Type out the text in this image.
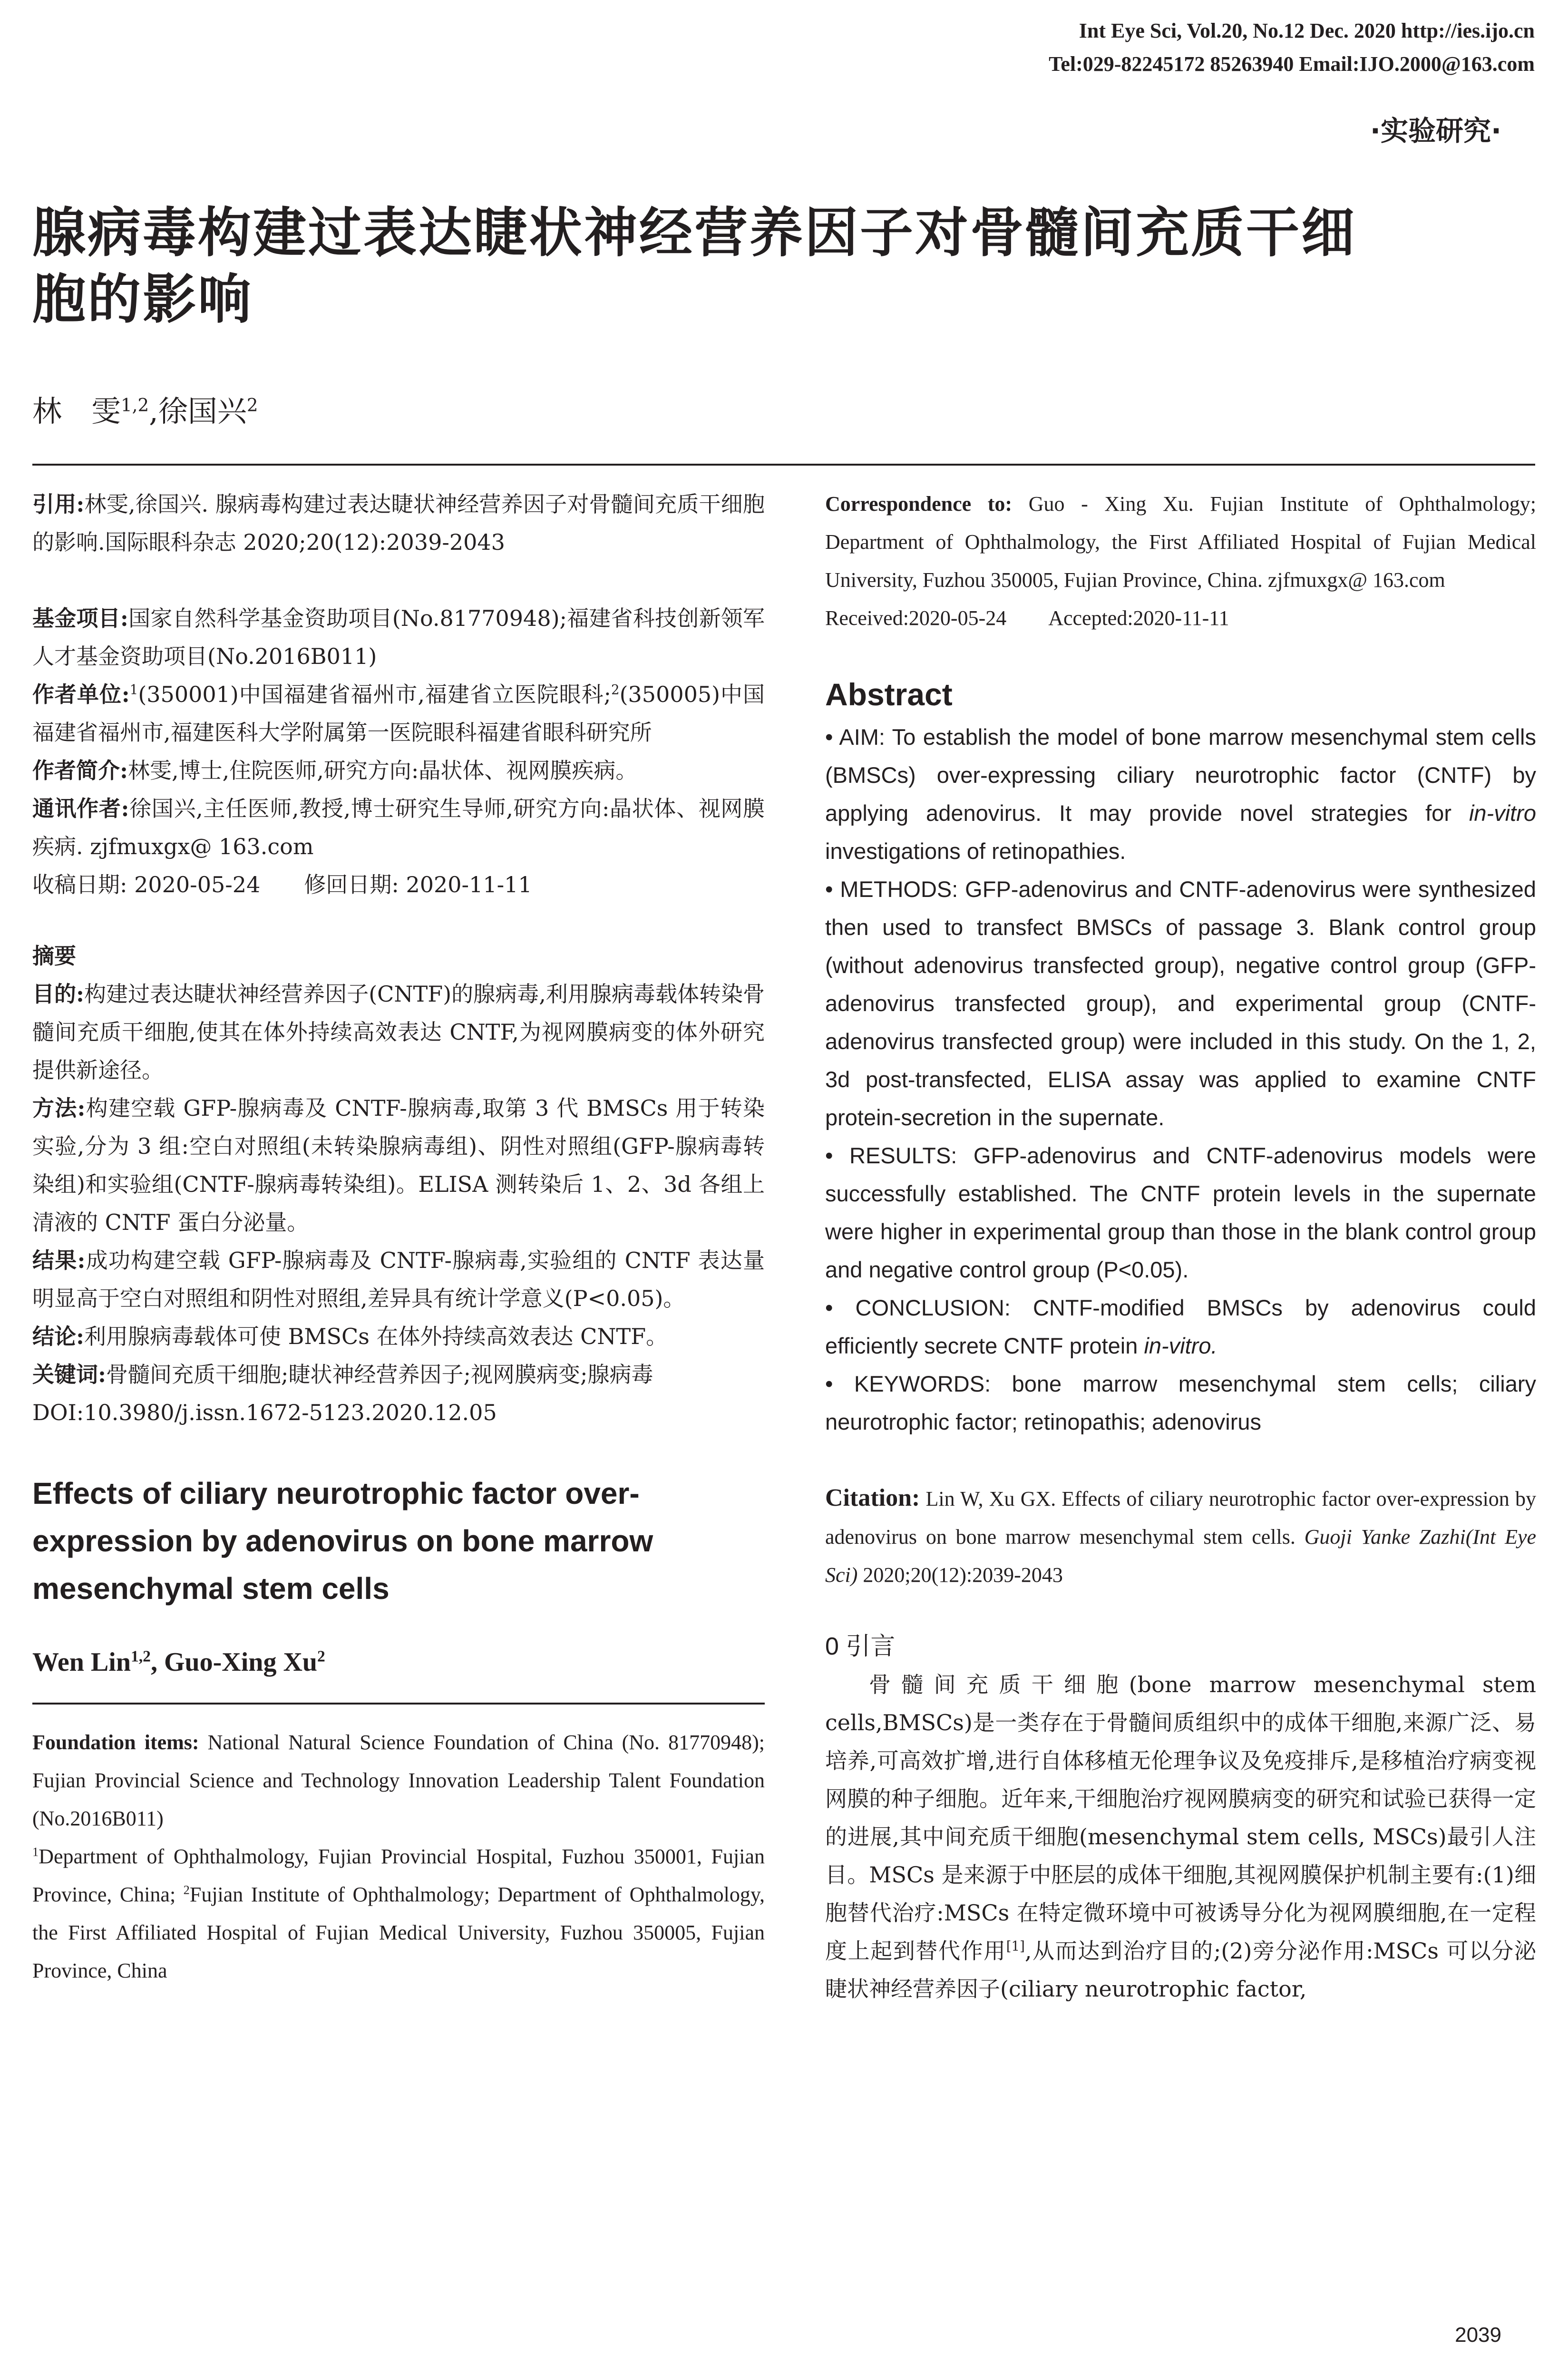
Int Eye Sci, Vol.20, No.12 Dec. 2020 http://ies.ijo.cn
Tel:029-82245172 85263940 Email:IJO.2000@163.com
·实验研究·
腺病毒构建过表达睫状神经营养因子对骨髓间充质干细
胞的影响
林　雯$^{1,2}$,徐国兴$^2$

引用:林雯,徐国兴. 腺病毒构建过表达睫状神经营养因子对骨髓间充质干细胞的影响.国际眼科杂志 2020;20(12):2039-2043

基金项目:国家自然科学基金资助项目(No.81770948);福建省科技创新领军人才基金资助项目(No.2016B011)

作者单位:$^1$(350001)中国福建省福州市,福建省立医院眼科;$^2$(350005)中国福建省福州市,福建医科大学附属第一医院眼科福建省眼科研究所

作者简介:林雯,博士,住院医师,研究方向:晶状体、视网膜疾病。

通讯作者:徐国兴,主任医师,教授,博士研究生导师,研究方向:晶状体、视网膜疾病. zjfmuxgx@ 163.com

收稿日期: 2020-05-24　　修回日期: 2020-11-11

摘要

目的:构建过表达睫状神经营养因子(CNTF)的腺病毒,利用腺病毒载体转染骨髓间充质干细胞,使其在体外持续高效表达 CNTF,为视网膜病变的体外研究提供新途径。

方法:构建空载 GFP-腺病毒及 CNTF-腺病毒,取第 3 代 BMSCs 用于转染实验,分为 3 组:空白对照组(未转染腺病毒组)、阴性对照组(GFP-腺病毒转染组)和实验组(CNTF-腺病毒转染组)。ELISA 测转染后 1、2、3d 各组上清液的 CNTF 蛋白分泌量。

结果:成功构建空载 GFP-腺病毒及 CNTF-腺病毒,实验组的 CNTF 表达量明显高于空白对照组和阴性对照组,差异具有统计学意义(P<0.05)。

结论:利用腺病毒载体可使 BMSCs 在体外持续高效表达 CNTF。

关键词:骨髓间充质干细胞;睫状神经营养因子;视网膜病变;腺病毒

DOI:10.3980/j.issn.1672-5123.2020.12.05

Effects of ciliary neurotrophic factor over-expression by adenovirus on bone marrow mesenchymal stem cells

Wen Lin$^{1,2}$, Guo-Xing Xu$^2$

Foundation items: National Natural Science Foundation of China (No. 81770948); Fujian Provincial Science and Technology Innovation Leadership Talent Foundation (No.2016B011)

$^1$Department of Ophthalmology, Fujian Provincial Hospital, Fuzhou 350001, Fujian Province, China; $^2$Fujian Institute of Ophthalmology; Department of Ophthalmology, the First Affiliated Hospital of Fujian Medical University, Fuzhou 350005, Fujian Province, China

Correspondence to: Guo - Xing Xu. Fujian Institute of Ophthalmology; Department of Ophthalmology, the First Affiliated Hospital of Fujian Medical University, Fuzhou 350005, Fujian Province, China. zjfmuxgx@ 163.com

Received:2020-05-24　　Accepted:2020-11-11

Abstract

• AIM: To establish the model of bone marrow mesenchymal stem cells (BMSCs) over-expressing ciliary neurotrophic factor (CNTF) by applying adenovirus. It may provide novel strategies for in-vitro investigations of retinopathies.

• METHODS: GFP-adenovirus and CNTF-adenovirus were synthesized then used to transfect BMSCs of passage 3. Blank control group (without adenovirus transfected group), negative control group (GFP-adenovirus transfected group), and experimental group (CNTF-adenovirus transfected group) were included in this study. On the 1, 2, 3d post-transfected, ELISA assay was applied to examine CNTF protein-secretion in the supernate.

• RESULTS: GFP-adenovirus and CNTF-adenovirus models were successfully established. The CNTF protein levels in the supernate were higher in experimental group than those in the blank control group and negative control group (P<0.05).

• CONCLUSION: CNTF-modified BMSCs by adenovirus could efficiently secrete CNTF protein in-vitro.

• KEYWORDS: bone marrow mesenchymal stem cells; ciliary neurotrophic factor; retinopathis; adenovirus

Citation: Lin W, Xu GX. Effects of ciliary neurotrophic factor over-expression by adenovirus on bone marrow mesenchymal stem cells. Guoji Yanke Zazhi(Int Eye Sci) 2020;20(12):2039-2043

0 引言

骨髓间充质干细胞(bone marrow mesenchymal stem cells,BMSCs)是一类存在于骨髓间质组织中的成体干细胞,来源广泛、易培养,可高效扩增,进行自体移植无伦理争议及免疫排斥,是移植治疗病变视网膜的种子细胞。近年来,干细胞治疗视网膜病变的研究和试验已获得一定的进展,其中间充质干细胞(mesenchymal stem cells, MSCs)最引人注目。MSCs 是来源于中胚层的成体干细胞,其视网膜保护机制主要有:(1)细胞替代治疗:MSCs 在特定微环境中可被诱导分化为视网膜细胞,在一定程度上起到替代作用[1],从而达到治疗目的;(2)旁分泌作用:MSCs 可以分泌睫状神经营养因子(ciliary neurotrophic factor,

2039
